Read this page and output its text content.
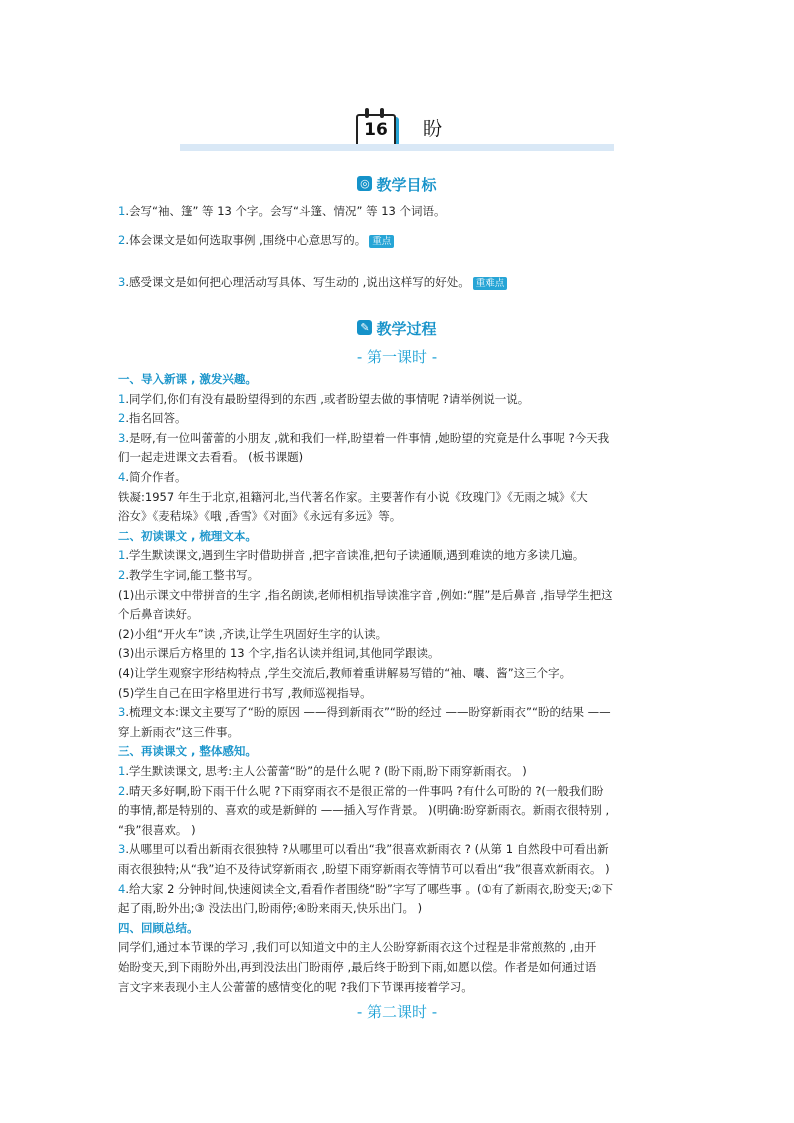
16	盼
◎ 教学目标
1.会写“袖、篷” 等 13 个字。会写“斗篷、情况” 等 13 个词语。
2.体会课文是如何选取事例 ,围绕中心意思写的。 重点
3.感受课文是如何把心理活动写具体、写生动的 ,说出这样写的好处。 重难点
✎ 教学过程
- 第一课时 -
一、导入新课 , 激发兴趣。
1.同学们,你们有没有最盼望得到的东西 ,或者盼望去做的事情呢 ?请举例说一说。
2.指名回答。
3.是呀,有一位叫蕾蕾的小朋友 ,就和我们一样,盼望着一件事情 ,她盼望的究竟是什么事呢 ?今天我
们一起走进课文去看看。 (板书课题)
4.简介作者。
铁凝:1957 年生于北京,祖籍河北,当代著名作家。主要著作有小说《玫瑰门》《无雨之城》《大
浴女》《麦秸垛》《哦 ,香雪》《对面》《永远有多远》等。
二、初读课文 , 梳理文本。
1.学生默读课文,遇到生字时借助拼音 ,把字音读准,把句子读通顺,遇到难读的地方多读几遍。
2.教学生字词,能工整书写。
(1)出示课文中带拼音的生字 ,指名朗读,老师相机指导读准字音 ,例如:“腥”是后鼻音 ,指导学生把这
个后鼻音读好。
(2)小组“开火车”读 ,齐读,让学生巩固好生字的认读。
(3)出示课后方格里的 13 个字,指名认读并组词,其他同学跟读。
(4)让学生观察字形结构特点 ,学生交流后,教师着重讲解易写错的“袖、囔、酱”这三个字。
(5)学生自己在田字格里进行书写 ,教师巡视指导。
3.梳理文本:课文主要写了“盼的原因 ——得到新雨衣”“盼的经过 ——盼穿新雨衣”“盼的结果 ——
穿上新雨衣”这三件事。
三、再读课文 , 整体感知。
1.学生默读课文, 思考:主人公蕾蕾“盼”的是什么呢 ? (盼下雨,盼下雨穿新雨衣。 )
2.晴天多好啊,盼下雨干什么呢 ?下雨穿雨衣不是很正常的一件事吗 ?有什么可盼的 ?(一般我们盼
的事情,都是特别的、喜欢的或是新鲜的 ——插入写作背景。 )(明确:盼穿新雨衣。新雨衣很特别 ,
“我”很喜欢。 )
3.从哪里可以看出新雨衣很独特 ?从哪里可以看出“我”很喜欢新雨衣 ? (从第 1 自然段中可看出新
雨衣很独特;从“我”迫不及待试穿新雨衣 ,盼望下雨穿新雨衣等情节可以看出“我”很喜欢新雨衣。 )
4.给大家 2 分钟时间,快速阅读全文,看看作者围绕“盼”字写了哪些事 。(①有了新雨衣,盼变天;②下
起了雨,盼外出;③ 没法出门,盼雨停;④盼来雨天,快乐出门。 )
四、回顾总结。
同学们,通过本节课的学习 ,我们可以知道文中的主人公盼穿新雨衣这个过程是非常煎熬的 ,由开
始盼变天,到下雨盼外出,再到没法出门盼雨停 ,最后终于盼到下雨,如愿以偿。作者是如何通过语
言文字来表现小主人公蕾蕾的感情变化的呢 ?我们下节课再接着学习。
- 第二课时 -
